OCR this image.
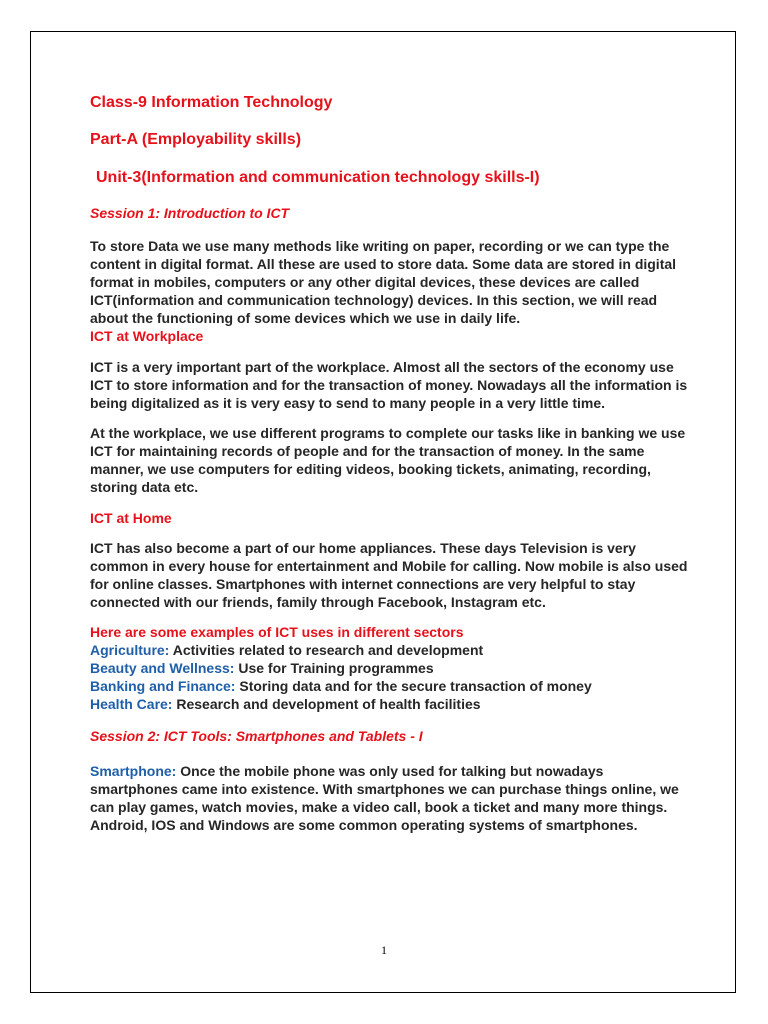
Class-9 Information Technology

Part-A (Employability skills)

Unit-3(Information and communication technology skills-I)

Session 1: Introduction to ICT

To store Data we use many methods like writing on paper, recording or we can type the content in digital format. All these are used to store data. Some data are stored in digital format in mobiles, computers or any other digital devices, these devices are called ICT(information and communication technology) devices. In this section, we will read about the functioning of some devices which we use in daily life.

ICT at Workplace

ICT is a very important part of the workplace. Almost all the sectors of the economy use ICT to store information and for the transaction of money. Nowadays all the information is being digitalized as it is very easy to send to many people in a very little time.

At the workplace, we use different programs to complete our tasks like in banking we use ICT for maintaining records of people and for the transaction of money. In the same manner, we use computers for editing videos, booking tickets, animating, recording, storing data etc.

ICT at Home

ICT has also become a part of our home appliances. These days Television is very common in every house for entertainment and Mobile for calling. Now mobile is also used for online classes. Smartphones with internet connections are very helpful to stay connected with our friends, family through Facebook, Instagram etc.

Here are some examples of ICT uses in different sectors

Agriculture: Activities related to research and development

Beauty and Wellness: Use for Training programmes

Banking and Finance: Storing data and for the secure transaction of money

Health Care: Research and development of health facilities

Session 2: ICT Tools: Smartphones and Tablets - I

Smartphone: Once the mobile phone was only used for talking but nowadays smartphones came into existence. With smartphones we can purchase things online, we can play games, watch movies, make a video call, book a ticket and many more things. Android, IOS and Windows are some common operating systems of smartphones.

1
